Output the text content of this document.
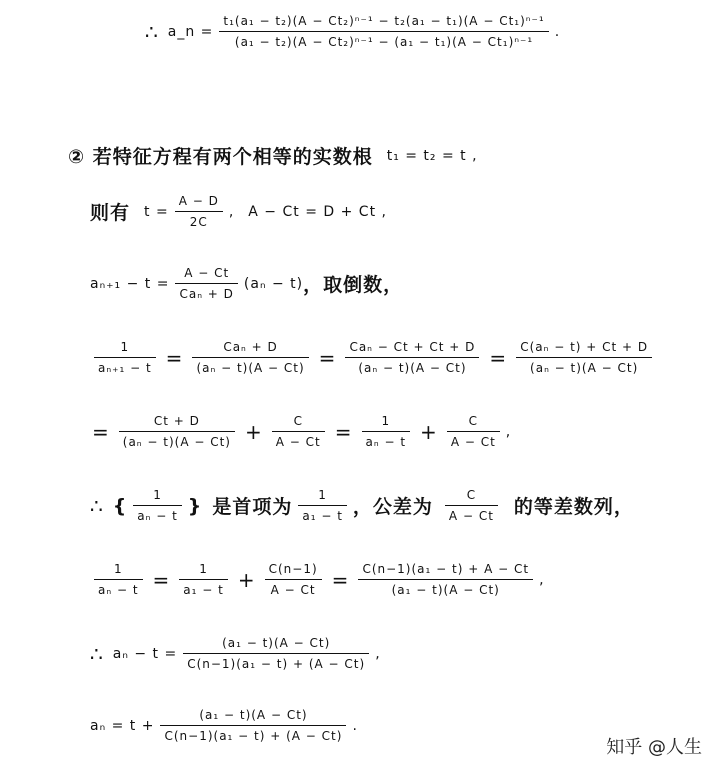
∴ a_n = $\frac{\text{t₁(a₁ − t₂)(A − Ct₂)ⁿ⁻¹ − t₂(a₁ − t₁)(A − Ct₁)ⁿ⁻¹}}{\text{(a₁ − t₂)(A − Ct₂)ⁿ⁻¹ − (a₁ − t₁)(A − Ct₁)ⁿ⁻¹}}$ .
② 若特征方程有两个相等的实数根 t₁ = t₂ = t ,
则有 $t = \frac{A - D}{2C}$ , A − Ct = D + Ct ,
$a_{n+1} - t = \frac{A - Ct}{\text{Caₙ + D}} (a_n - t)$ ，取倒数，
$\frac{1}{\text{aₙ₊₁ − t}} = \frac{\text{Caₙ + D}}{\text{(aₙ − t)(A − Ct)}} = \frac{\text{Caₙ − Ct + Ct + D}}{\text{(aₙ − t)(A − Ct)}} = \frac{\text{C(aₙ − t) + Ct + D}}{\text{(aₙ − t)(A − Ct)}}$
= $\frac{Ct + D}{\text{(aₙ − t)(A − Ct)}} + \frac{C}{A - Ct} = \frac{1}{\text{aₙ − t}} + \frac{C}{A - Ct}$ ,
∴ { $\frac{1}{\text{aₙ − t}}$ } 是首项为 $\frac{1}{\text{a₁ − t}}$ ，公差为 $\frac{C}{A - Ct}$ 的等差数列，
$\frac{1}{\text{aₙ − t}} = \frac{1}{\text{a₁ − t}} + \frac{C(n-1)}{A - Ct} = \frac{\text{C(n−1)(a₁ − t) + A − Ct}}{\text{(a₁ − t)(A − Ct)}}$ ,
∴ $a_n - t = \frac{\text{(a₁ − t)(A − Ct)}}{\text{C(n−1)(a₁ − t) + (A − Ct)}}$ ,
$a_n = t + \frac{\text{(a₁ − t)(A − Ct)}}{\text{C(n−1)(a₁ − t) + (A − Ct)}}$ .
知乎 @人生
